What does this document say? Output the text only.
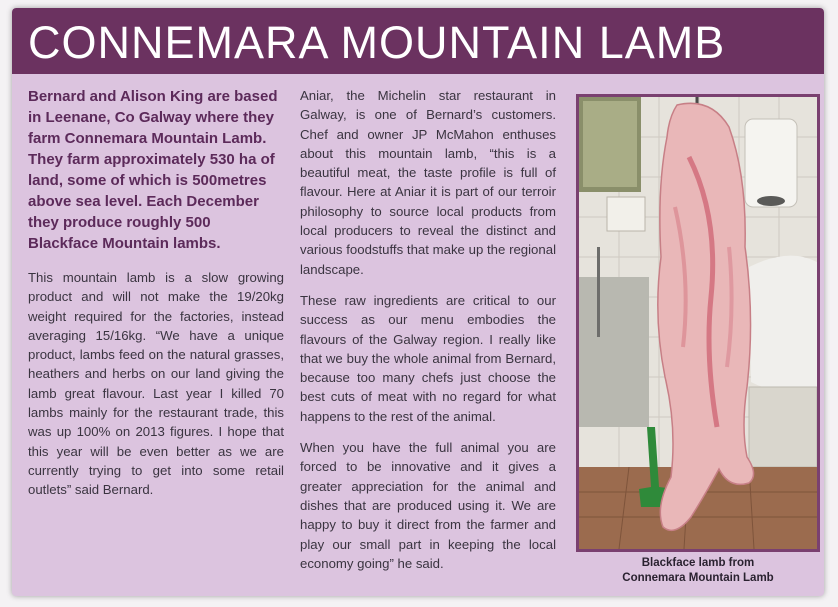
CONNEMARA MOUNTAIN LAMB

Bernard and Alison King are based in Leenane, Co Galway where they farm Connemara Mountain Lamb. They farm approximately 530 ha of land, some of which is 500metres above sea level. Each December they produce roughly 500 Blackface Mountain lambs.

This mountain lamb is a slow growing product and will not make the 19/20kg weight required for the factories, instead averaging 15/16kg. “We have a unique product, lambs feed on the natural grasses, heathers and herbs on our land giving the lamb great flavour. Last year I killed 70 lambs mainly for the restaurant trade, this was up 100% on 2013 figures. I hope that this year will be even better as we are currently trying to get into some retail outlets” said Bernard.

Aniar, the Michelin star restaurant in Galway, is one of Bernard’s customers. Chef and owner JP McMahon enthuses about this mountain lamb, “this is a beautiful meat, the taste profile is full of flavour. Here at Aniar it is part of our terroir philosophy to source local products from local producers to reveal the distinct and various foodstuffs that make up the regional landscape.

These raw ingredients are critical to our success as our menu embodies the flavours of the Galway region. I really like that we buy the whole animal from Bernard, because too many chefs just choose the best cuts of meat with no regard for what happens to the rest of the animal.

When you have the full animal you are forced to be innovative and it gives a greater appreciation for the animal and dishes that are produced using it. We are happy to buy it direct from the farmer and play our small part in keeping the local economy going” he said.	Blackface lamb from
Connemara Mountain Lamb
